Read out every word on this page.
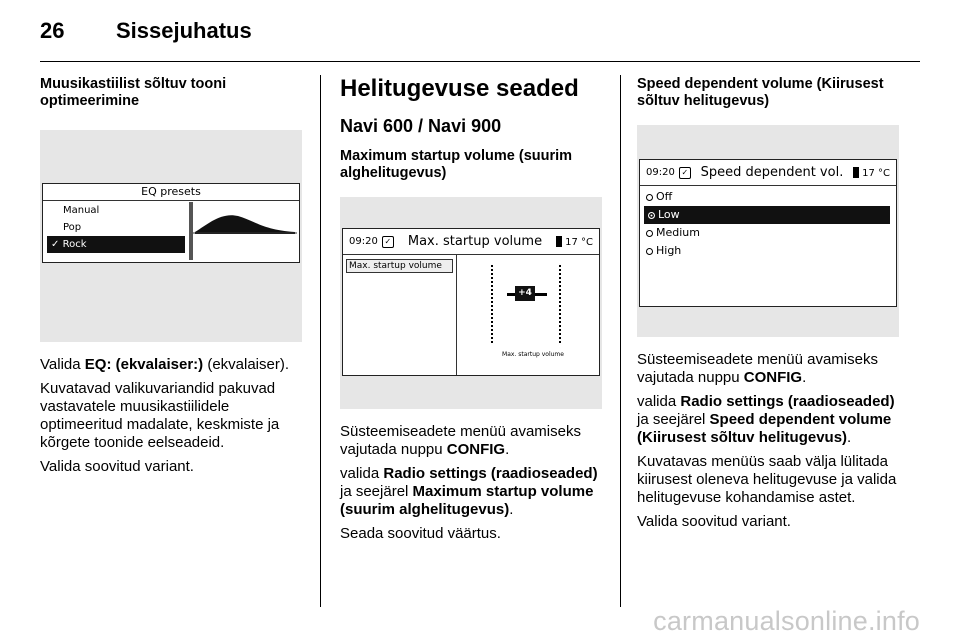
26 Sissejuhatus
Muusikastiilist sõltuv tooni optimeerimine
EQ presets
Manual
Pop
✓ Rock

Valida EQ: (ekvalaiser:) (ekvalaiser).

Kuvatavad valikuvariandid pakuvad vastavatele muusikastiilidele optimeeritud madalate, keskmiste ja kõrgete toonide eelseadeid.

Valida soovitud variant.

Helitugevuse seaded
Navi 600 / Navi 900
Maximum startup volume (suurim alghelitugevus)
09:20 ✓	Max. startup volume	17 °C
Max. startup volume
+4
Max. startup volume

Süsteemiseadete menüü avamiseks vajutada nuppu CONFIG.

valida Radio settings (raadioseaded) ja seejärel Maximum startup volume (suurim alghelitugevus).

Seada soovitud väärtus.

Speed dependent volume (Kiirusest sõltuv helitugevus)
09:20 ✓ Speed dependent vol.	17 °C
Off
Low
Medium
High

Süsteemiseadete menüü avamiseks vajutada nuppu CONFIG.

valida Radio settings (raadioseaded) ja seejärel Speed dependent volume (Kiirusest sõltuv helitugevus).

Kuvatavas menüüs saab välja lülitada kiirusest oleneva helitugevuse ja valida helitugevuse kohandamise astet.

Valida soovitud variant.

carmanualsonline.info
